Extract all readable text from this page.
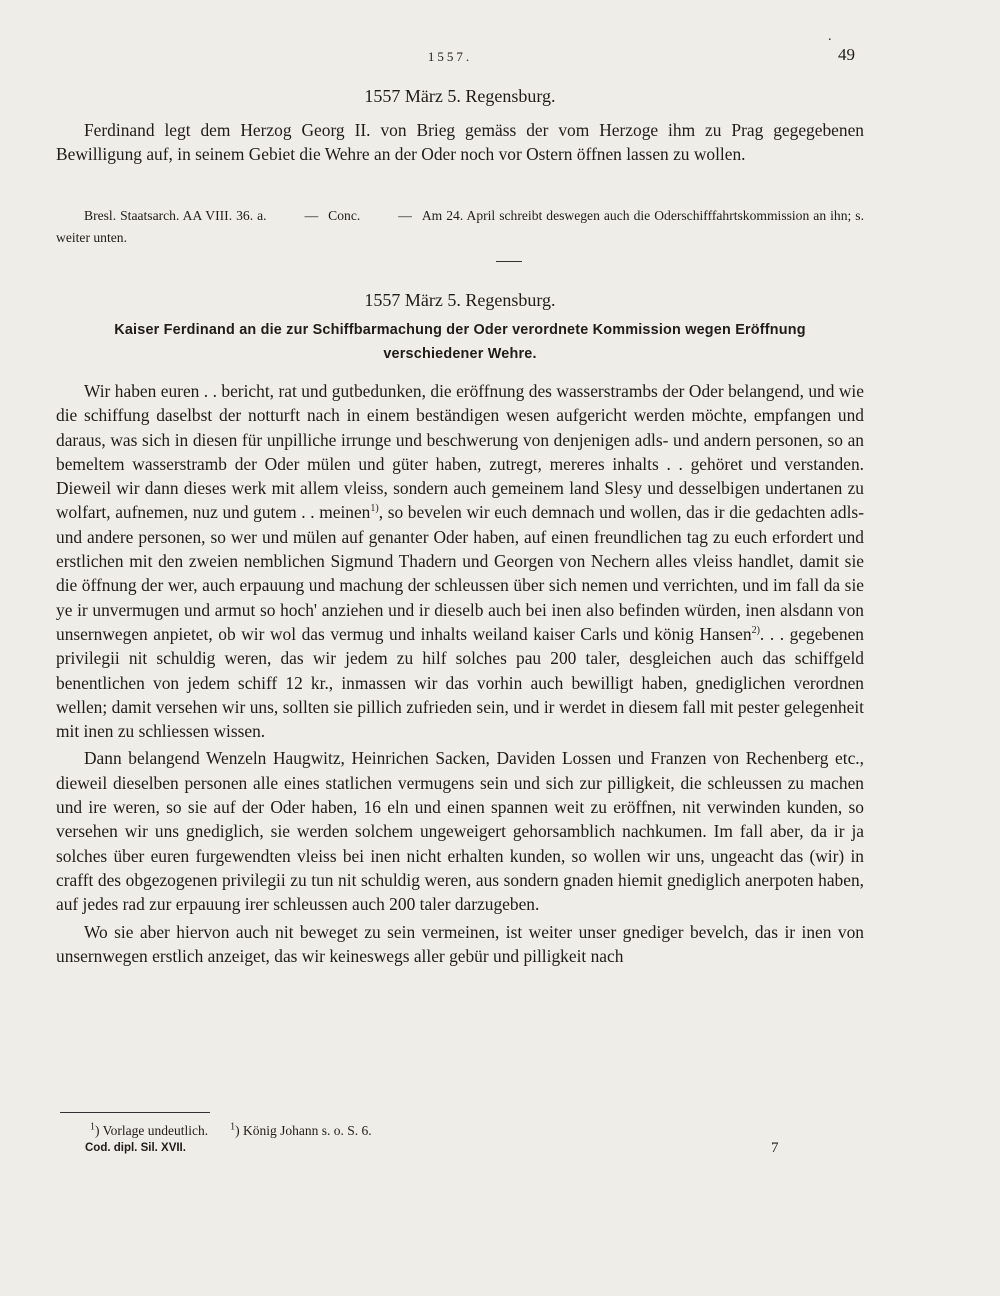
1557.
.
49
1557 März 5. Regensburg.
Ferdinand legt dem Herzog Georg II. von Brieg gemäss der vom Herzoge ihm zu Prag gegegebenen Bewilligung auf, in seinem Gebiet die Wehre an der Oder noch vor Ostern öffnen lassen zu wollen.
Bresl. Staatsarch. AA VIII. 36. a.	— Conc.	— Am 24. April schreibt deswegen auch die Oderschifffahrtskommission an ihn; s. weiter unten.
1557 März 5. Regensburg.
Kaiser Ferdinand an die zur Schiffbarmachung der Oder verordnete Kommission wegen Eröffnung verschiedener Wehre.
Wir haben euren . . bericht, rat und gutbedunken, die eröffnung des wasserstrambs der Oder belangend, und wie die schiffung daselbst der notturft nach in einem beständigen wesen aufgericht werden möchte, empfangen und daraus, was sich in diesen für unpilliche irrunge und beschwerung von denjenigen adls- und andern personen, so an bemeltem wasserstramb der Oder mülen und güter haben, zutregt, mereres inhalts . . gehöret und verstanden. Dieweil wir dann dieses werk mit allem vleiss, sondern auch gemeinem land Slesy und desselbigen undertanen zu wolfart, aufnemen, nuz und gutem . . meinen$^{1)}$, so bevelen wir euch demnach und wollen, das ir die gedachten adls- und andere personen, so wer und mülen auf genanter Oder haben, auf einen freundlichen tag zu euch erfordert und erstlichen mit den zweien nemblichen Sigmund Thadern und Georgen von Nechern alles vleiss handlet, damit sie die öffnung der wer, auch erpauung und machung der schleussen über sich nemen und verrichten, und im fall da sie ye ir unvermugen und armut so hoch' anziehen und ir dieselb auch bei inen also befinden würden, inen alsdann von unsernwegen anpietet, ob wir wol das vermug und inhalts weiland kaiser Carls und könig Hansen$^{2)}$. . . gegebenen privilegii nit schuldig weren, das wir jedem zu hilf solches pau 200 taler, desgleichen auch das schiffgeld benentlichen von jedem schiff 12 kr., inmassen wir das vorhin auch bewilligt haben, gnediglichen verordnen wellen; damit versehen wir uns, sollten sie pillich zufrieden sein, und ir werdet in diesem fall mit pester gelegenheit mit inen zu schliessen wissen.
Dann belangend Wenzeln Haugwitz, Heinrichen Sacken, Daviden Lossen und Franzen von Rechenberg etc., dieweil dieselben personen alle eines statlichen vermugens sein und sich zur pilligkeit, die schleussen zu machen und ire weren, so sie auf der Oder haben, 16 eln und einen spannen weit zu eröffnen, nit verwinden kunden, so versehen wir uns gnediglich, sie werden solchem ungeweigert gehorsamblich nachkumen. Im fall aber, da ir ja solches über euren furgewendten vleiss bei inen nicht erhalten kunden, so wollen wir uns, ungeacht das (wir) in crafft des obgezogenen privilegii zu tun nit schuldig weren, aus sondern gnaden hiemit gnediglich anerpoten haben, auf jedes rad zur erpauung irer schleussen auch 200 taler darzugeben.
Wo sie aber hiervon auch nit beweget zu sein vermeinen, ist weiter unser gnediger bevelch, das ir inen von unsernwegen erstlich anzeiget, das wir keineswegs aller gebür und pilligkeit nach
$^1$) Vorlage undeutlich. $^1$) König Johann s. o. S. 6.
Cod. dipl. Sil. XVII.	7
